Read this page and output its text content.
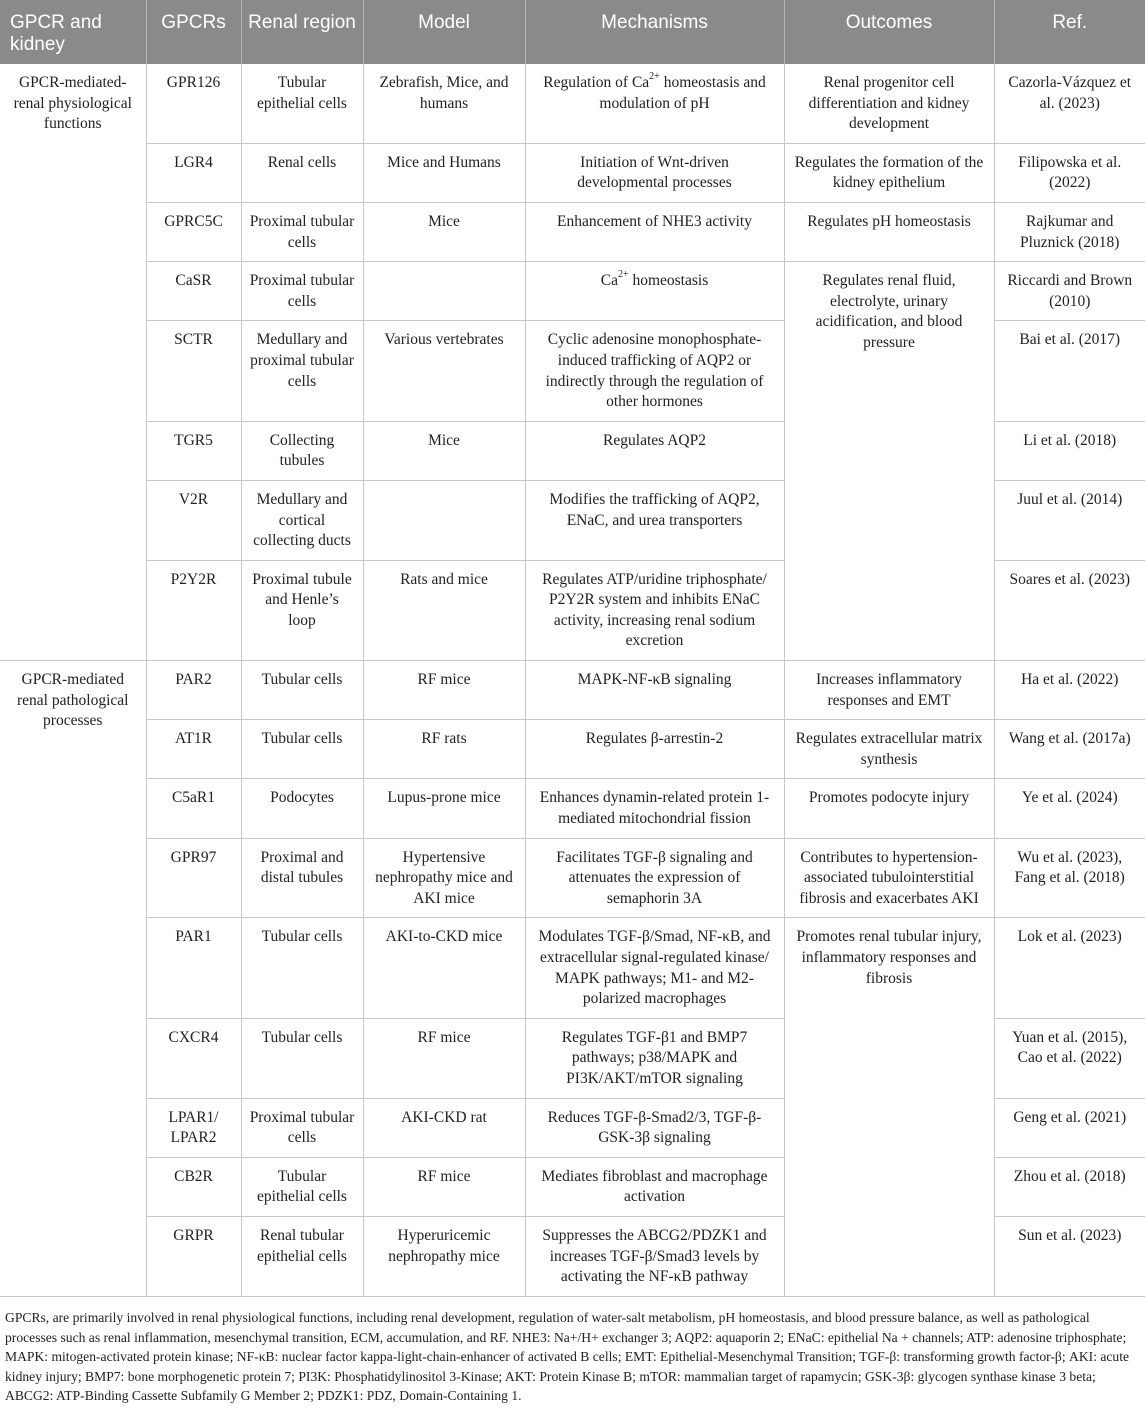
GPCR and kidney	GPCRs	Renal region	Model	Mechanisms	Outcomes	Ref.
GPCR-mediated-renal physiological functions	GPR126	Tubular epithelial cells	Zebrafish, Mice, and humans	Regulation of $Ca^{2+}$ homeostasis and modulation of pH	Renal progenitor cell differentiation and kidney development	Cazorla-Vázquez et al. (2023)
	LGR4	Renal cells	Mice and Humans	Initiation of Wnt-driven developmental processes	Regulates the formation of the kidney epithelium	Filipowska et al. (2022)
	GPRC5C	Proximal tubular cells	Mice	Enhancement of NHE3 activity	Regulates pH homeostasis	Rajkumar and Pluznick (2018)
	CaSR	Proximal tubular cells		$Ca^{2+}$ homeostasis	Regulates renal fluid, electrolyte, urinary acidification, and blood pressure	Riccardi and Brown (2010)
	SCTR	Medullary and proximal tubular cells	Various vertebrates	Cyclic adenosine monophosphate-induced trafficking of AQP2 or indirectly through the regulation of other hormones		Bai et al. (2017)
	TGR5	Collecting tubules	Mice	Regulates AQP2		Li et al. (2018)
	V2R	Medullary and cortical collecting ducts		Modifies the trafficking of AQP2, ENaC, and urea transporters		Juul et al. (2014)
	P2Y2R	Proximal tubule and Henle’s loop	Rats and mice	Regulates ATP/uridine triphosphate/ P2Y2R system and inhibits ENaC activity, increasing renal sodium excretion		Soares et al. (2023)
GPCR-mediated renal pathological processes	PAR2	Tubular cells	RF mice	MAPK-NF-κB signaling	Increases inflammatory responses and EMT	Ha et al. (2022)
	AT1R	Tubular cells	RF rats	Regulates β-arrestin-2	Regulates extracellular matrix synthesis	Wang et al. (2017a)
	C5aR1	Podocytes	Lupus-prone mice	Enhances dynamin-related protein 1-mediated mitochondrial fission	Promotes podocyte injury	Ye et al. (2024)
	GPR97	Proximal and distal tubules	Hypertensive nephropathy mice and AKI mice	Facilitates TGF-β signaling and attenuates the expression of semaphorin 3A	Contributes to hypertension-associated tubulointerstitial fibrosis and exacerbates AKI	Wu et al. (2023), Fang et al. (2018)
	PAR1	Tubular cells	AKI-to-CKD mice	Modulates TGF-β/Smad, NF-κB, and extracellular signal-regulated kinase/ MAPK pathways; M1- and M2-polarized macrophages	Promotes renal tubular injury, inflammatory responses and fibrosis	Lok et al. (2023)
	CXCR4	Tubular cells	RF mice	Regulates TGF-β1 and BMP7 pathways; p38/MAPK and PI3K/AKT/mTOR signaling		Yuan et al. (2015), Cao et al. (2022)
	LPAR1/ LPAR2	Proximal tubular cells	AKI-CKD rat	Reduces TGF-β-Smad2/3, TGF-β-GSK-3β signaling		Geng et al. (2021)
	CB2R	Tubular epithelial cells	RF mice	Mediates fibroblast and macrophage activation		Zhou et al. (2018)
	GRPR	Renal tubular epithelial cells	Hyperuricemic nephropathy mice	Suppresses the ABCG2/PDZK1 and increases TGF-β/Smad3 levels by activating the NF-κB pathway		Sun et al. (2023)
GPCRs, are primarily involved in renal physiological functions, including renal development, regulation of water-salt metabolism, pH homeostasis, and blood pressure balance, as well as pathological processes such as renal inflammation, mesenchymal transition, ECM, accumulation, and RF. NHE3: Na+/H+ exchanger 3; AQP2: aquaporin 2; ENaC: epithelial Na + channels; ATP: adenosine triphosphate; MAPK: mitogen-activated protein kinase; NF-κB: nuclear factor kappa-light-chain-enhancer of activated B cells; EMT: Epithelial-Mesenchymal Transition; TGF-β: transforming growth factor-β; AKI: acute kidney injury; BMP7: bone morphogenetic protein 7; PI3K: Phosphatidylinositol 3-Kinase; AKT: Protein Kinase B; mTOR: mammalian target of rapamycin; GSK-3β: glycogen synthase kinase 3 beta; ABCG2: ATP-Binding Cassette Subfamily G Member 2; PDZK1: PDZ, Domain-Containing 1.
